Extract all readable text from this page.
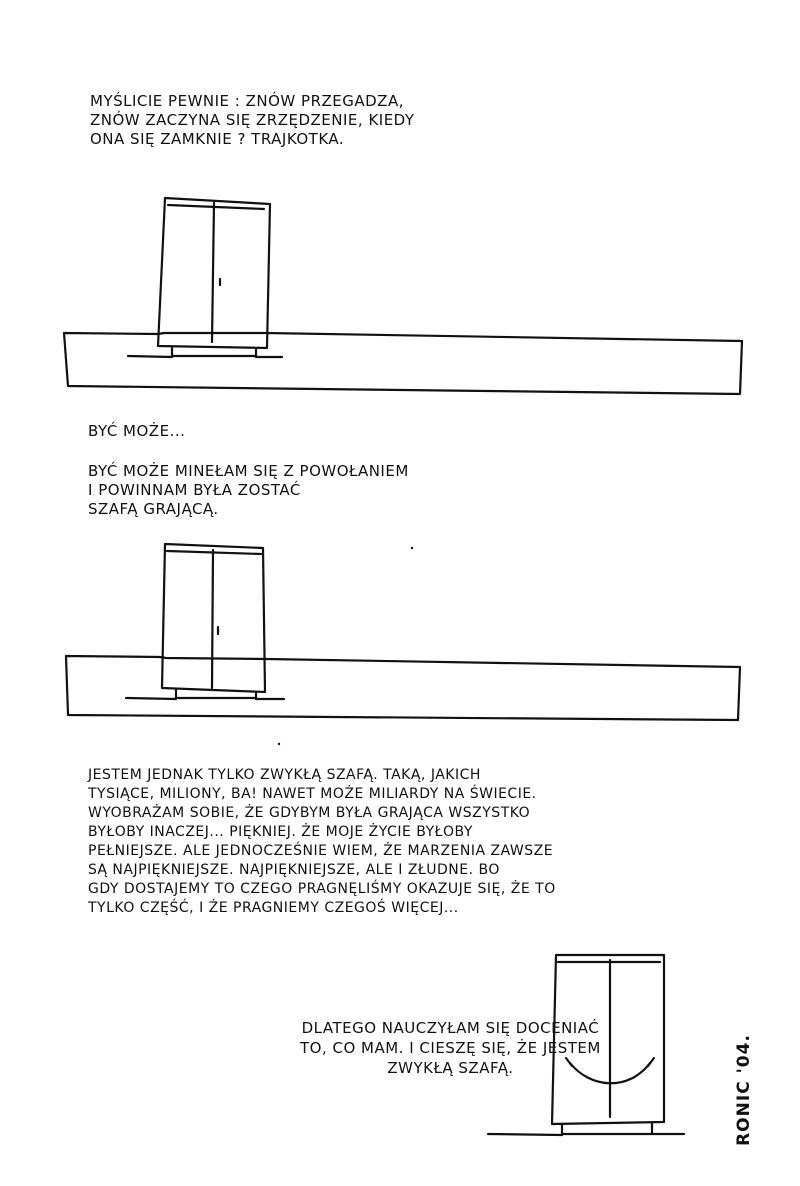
MYŚLICIE PEWNIE : ZNÓW PRZEGADZA,
ZNÓW ZACZYNA SIĘ ZRZĘDZENIE, KIEDY
ONA SIĘ ZAMKNIE ? TRAJKOTKA.

BYĆ MOŻE...

BYĆ MOŻE MINEŁAM SIĘ Z POWOŁANIEM
I POWINNAM BYŁA ZOSTAĆ
SZAFĄ GRAJĄCĄ.

JESTEM JEDNAK TYLKO ZWYKŁĄ SZAFĄ. TAKĄ, JAKICH
TYSIĄCE, MILIONY, BA! NAWET MOŻE MILIARDY NA ŚWIECIE.
WYOBRAŻAM SOBIE, ŻE GDYBYM BYŁA GRAJĄCA WSZYSTKO
BYŁOBY INACZEJ... PIĘKNIEJ. ŻE MOJE ŻYCIE BYŁOBY
PEŁNIEJSZE. ALE JEDNOCZEŚNIE WIEM, ŻE MARZENIA ZAWSZE
SĄ NAJPIĘKNIEJSZE. NAJPIĘKNIEJSZE, ALE I ZŁUDNE. BO
GDY DOSTAJEMY TO CZEGO PRAGNĘLIŚMY OKAZUJE SIĘ, ŻE TO
TYLKO CZĘŚĆ, I ŻE PRAGNIEMY CZEGOŚ WIĘCEJ...

DLATEGO NAUCZYŁAM SIĘ DOCENIAĆ
TO, CO MAM. I CIESZĘ SIĘ, ŻE JESTEM
ZWYKŁĄ SZAFĄ.	RONIC '04.
